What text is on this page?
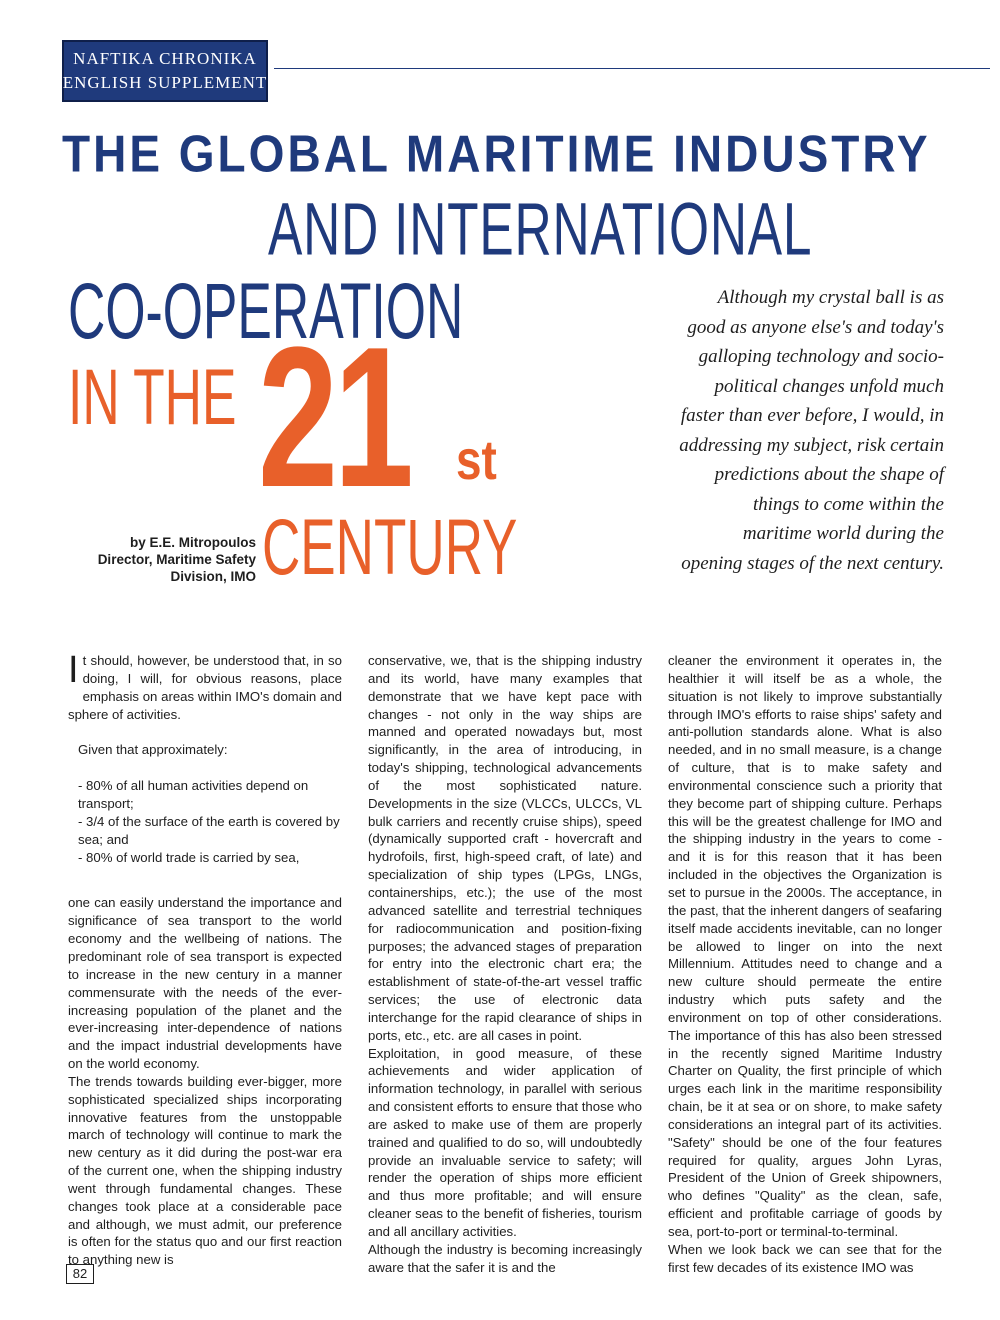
NAFTIKA CHRONIKA
ENGLISH SUPPLEMENT
THE GLOBAL MARITIME INDUSTRY
AND INTERNATIONAL
CO-OPERATION
IN THE 21 st
CENTURY
by E.E. Mitropoulos
Director, Maritime Safety
Division, IMO
Although my crystal ball is as
good as anyone else's and today's
galloping technology and socio-
political changes unfold much
faster than ever before, I would, in
addressing my subject, risk certain
predictions about the shape of
things to come within the
maritime world during the
opening stages of the next century.

It should, however, be understood that, in so doing, I will, for obvious reasons, place emphasis on areas within IMO's domain and sphere of activities.

Given that approximately:

- 80% of all human activities depend on transport;

- 3/4 of the surface of the earth is covered by sea; and

- 80% of world trade is carried by sea,

one can easily understand the importance and significance of sea transport to the world economy and the wellbeing of nations. The predominant role of sea transport is expected to increase in the new century in a manner commensurate with the needs of the ever-increasing population of the planet and the ever-increasing inter-dependence of nations and the impact industrial developments have on the world economy.

The trends towards building ever-bigger, more sophisticated specialized ships incorporating innovative features from the unstoppable march of technology will continue to mark the new century as it did during the post-war era of the current one, when the shipping industry went through fundamental changes. These changes took place at a considerable pace and although, we must admit, our preference is often for the status quo and our first reaction to anything new is

conservative, we, that is the shipping industry and its world, have many examples that demonstrate that we have kept pace with changes - not only in the way ships are manned and operated nowadays but, most significantly, in the area of introducing, in today's shipping, technological advancements of the most sophisticated nature. Developments in the size (VLCCs, ULCCs, VL bulk carriers and recently cruise ships), speed (dynamically supported craft - hovercraft and hydrofoils, first, high-speed craft, of late) and specialization of ship types (LPGs, LNGs, containerships, etc.); the use of the most advanced satellite and terrestrial techniques for radiocommunication and position-fixing purposes; the advanced stages of preparation for entry into the electronic chart era; the establishment of state-of-the-art vessel traffic services; the use of electronic data interchange for the rapid clearance of ships in ports, etc., etc. are all cases in point.

Exploitation, in good measure, of these achievements and wider application of information technology, in parallel with serious and consistent efforts to ensure that those who are asked to make use of them are properly trained and qualified to do so, will undoubtedly provide an invaluable service to safety; will render the operation of ships more efficient and thus more profitable; and will ensure cleaner seas to the benefit of fisheries, tourism and all ancillary activities.

Although the industry is becoming increasingly aware that the safer it is and the

cleaner the environment it operates in, the healthier it will itself be as a whole, the situation is not likely to improve substantially through IMO's efforts to raise ships' safety and anti-pollution standards alone. What is also needed, and in no small measure, is a change of culture, that is to make safety and environmental conscience such a priority that they become part of shipping culture. Perhaps this will be the greatest challenge for IMO and the shipping industry in the years to come - and it is for this reason that it has been included in the objectives the Organization is set to pursue in the 2000s. The acceptance, in the past, that the inherent dangers of seafaring itself made accidents inevitable, can no longer be allowed to linger on into the next Millennium. Attitudes need to change and a new culture should permeate the entire industry which puts safety and the environment on top of other considerations. The importance of this has also been stressed in the recently signed Maritime Industry Charter on Quality, the first principle of which urges each link in the maritime responsibility chain, be it at sea or on shore, to make safety considerations an integral part of its activities. "Safety" should be one of the four features required for quality, argues John Lyras, President of the Union of Greek shipowners, who defines "Quality" as the clean, safe, efficient and profitable carriage of goods by sea, port-to-port or terminal-to-terminal.

When we look back we can see that for the first few decades of its existence IMO was

82
